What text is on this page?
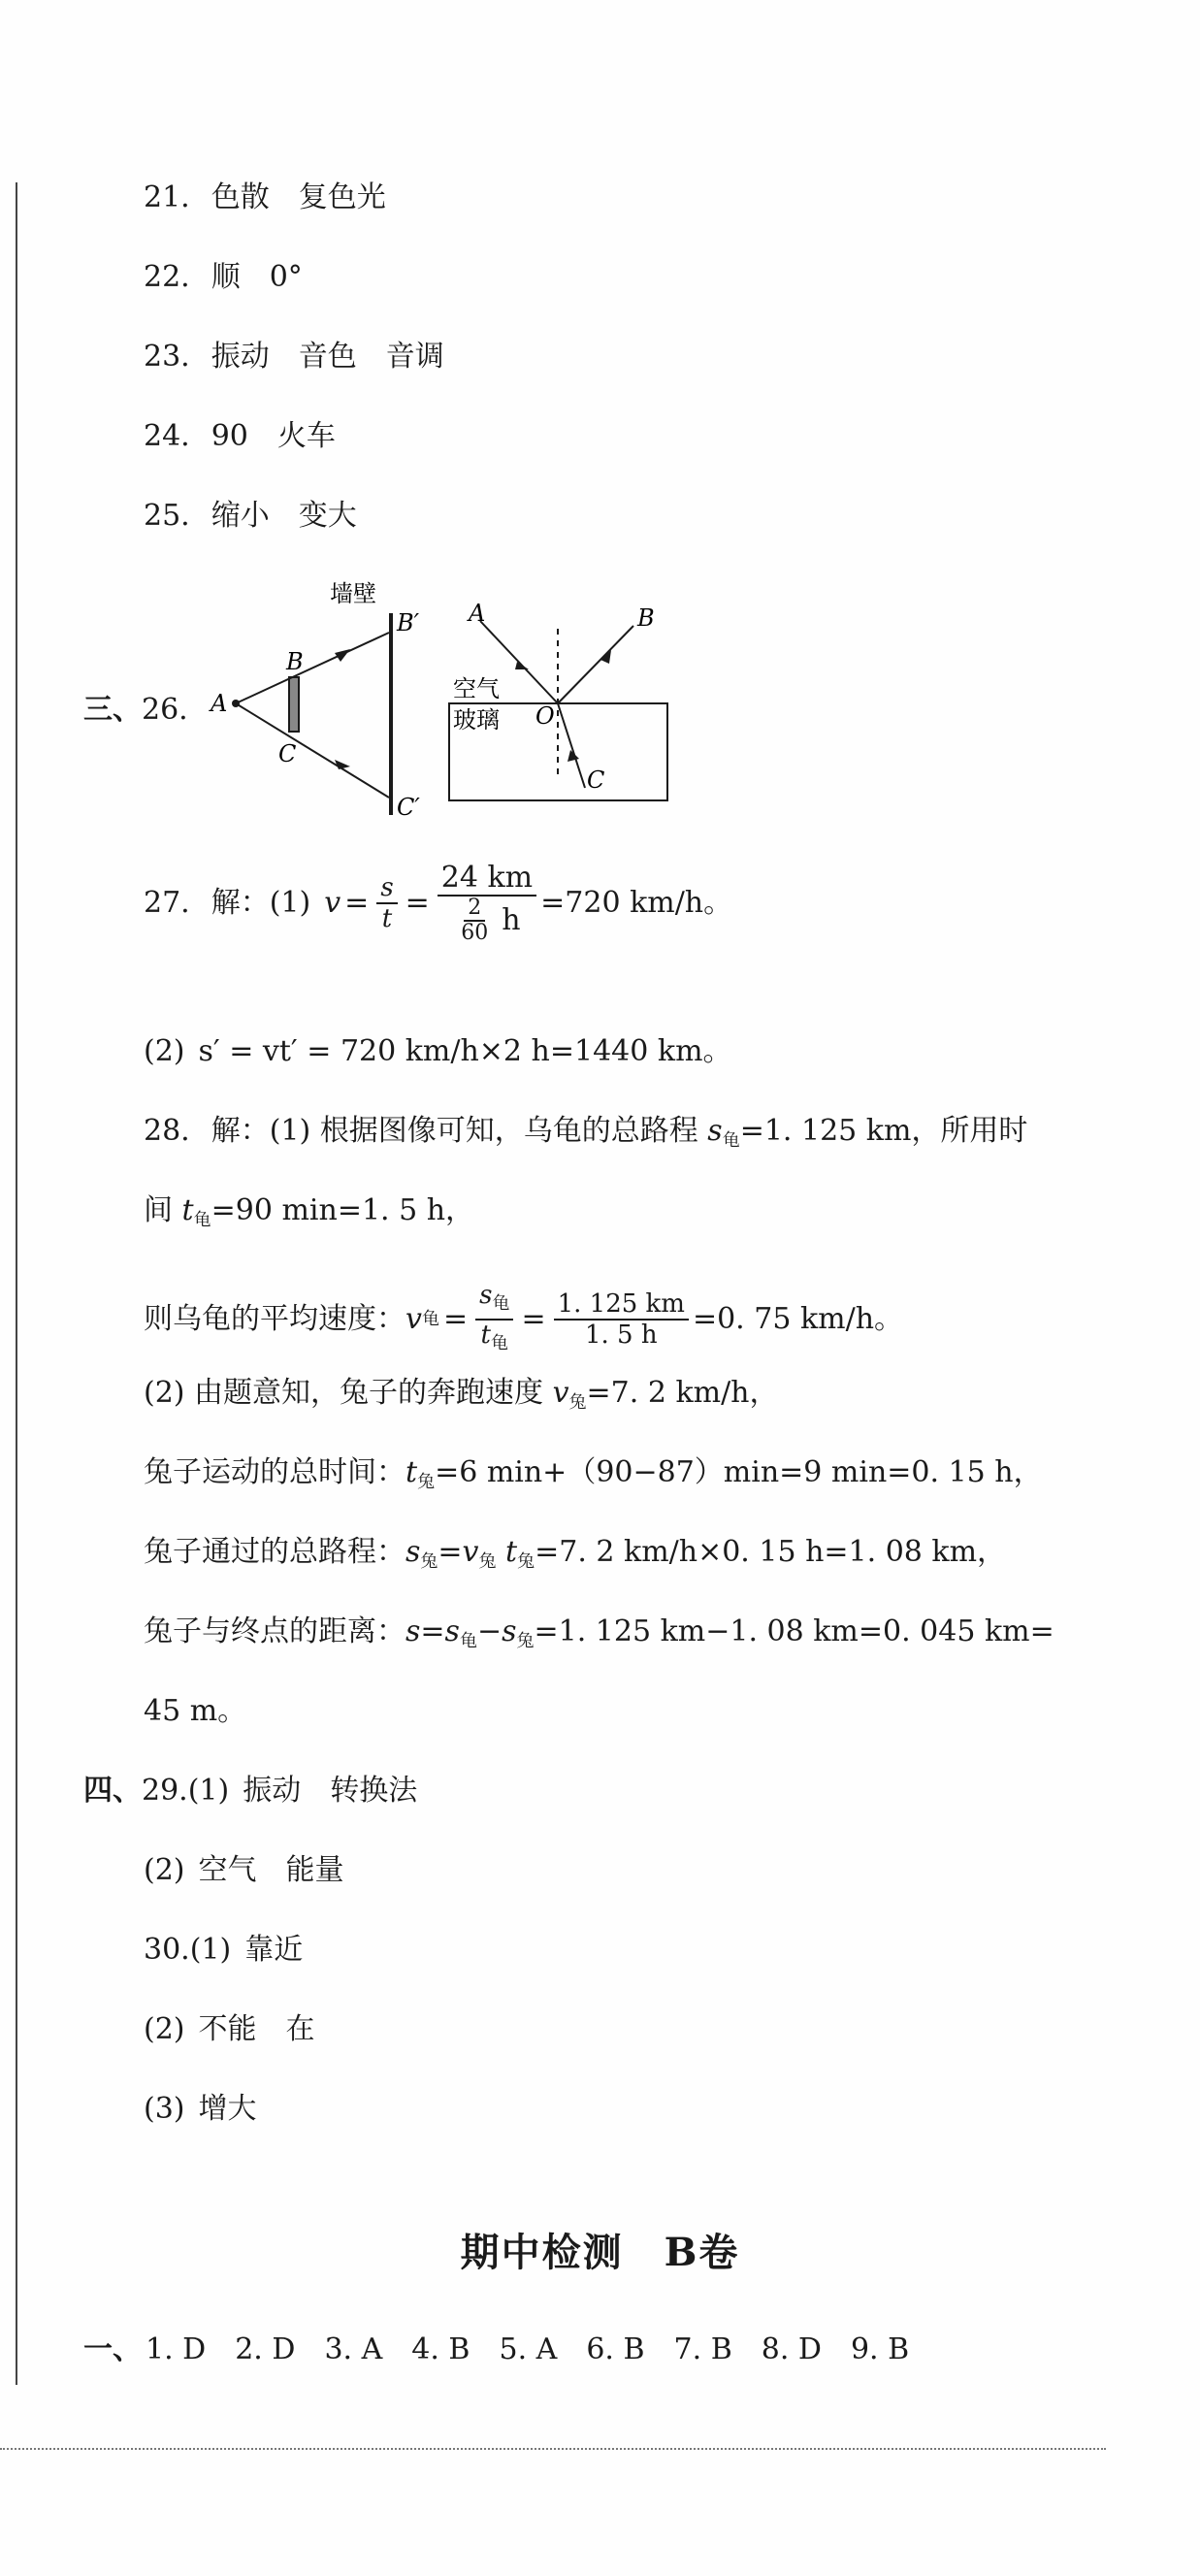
21. 色散 复色光
22. 顺 0°
23. 振动 音色 音调
24. 90 火车
25. 缩小 变大
三、26.
墙壁
A
B
C
B′
C′
A	B
C
O
空气
玻璃
27. 解： (1) $v = \frac{s}{t} = \frac{24 km}{\frac{2}{60} h} =720$ km/h。
(2) s′ = vt′ = 720 km/h×2 h=1440 km。
28. 解：(1) 根据图像可知，乌龟的总路程 $s_龟=1$. 125 km，所用时
间 $t_龟=90$ min=1. 5 h，
则乌龟的平均速度： v 龟 = $\frac{s_龟}{t_龟} = \frac{1. 125 km}{1. 5 h} =0$. 75 km/h。
(2) 由题意知，兔子的奔跑速度 $v_兔=7$. 2 km/h，
兔子运动的总时间：$t_兔=6$ min+（90−87）min=9 min=0. 15 h，
兔子通过的总路程：$s_兔=v_兔$ $t_兔=7$. 2 km/h×0. 15 h=1. 08 km，
兔子与终点的距离：$s=s_龟-s_兔=1$. 125 km−1. 08 km=0. 045 km=
45 m。
四、29.(1) 振动 转换法
(2) 空气 能量
30.(1) 靠近
(2) 不能 在
(3) 增大
期中检测　B卷
一、 1. D 2. D 3. A 4. B 5. A 6. B 7. B 8. D 9. B
